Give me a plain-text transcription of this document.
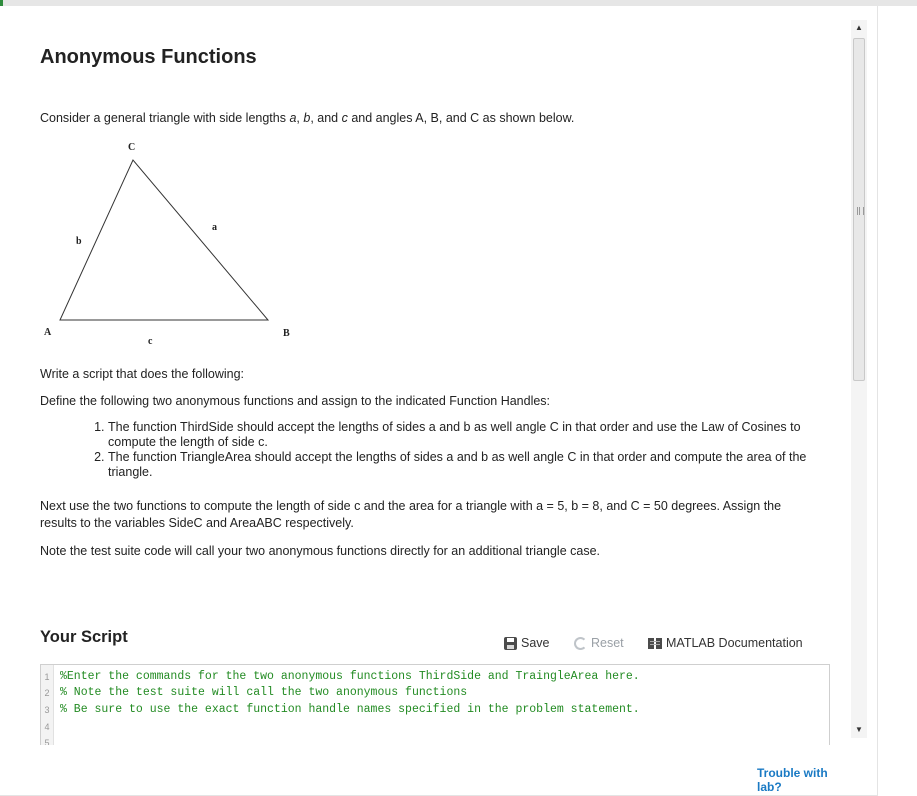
Anonymous Functions

Consider a general triangle with side lengths a, b, and c and angles A, B, and C as shown below.

C
a
b
A	B
c

Write a script that does the following:

Define the following two anonymous functions and assign to the indicated Function Handles:

1. The function ThirdSide should accept the lengths of sides a and b as well angle C in that order and use the Law of Cosines to compute the length of side c.
2. The function TriangleArea should accept the lengths of sides a and b as well angle C in that order and compute the area of the triangle.

Next use the two functions to compute the length of side c and the area for a triangle with a = 5, b = 8, and C = 50 degrees. Assign the results to the variables SideC and AreaABC respectively.

Note the test suite code will call your two anonymous functions directly for an additional triangle case.

Your Script	Save	Reset	MATLAB Documentation
1 %Enter the commands for the two anonymous functions ThirdSide and TraingleArea here.
2 % Note the test suite will call the two anonymous functions
3 % Be sure to use the exact function handle names specified in the problem statement.
4
5
Trouble with lab?
▲
▼
